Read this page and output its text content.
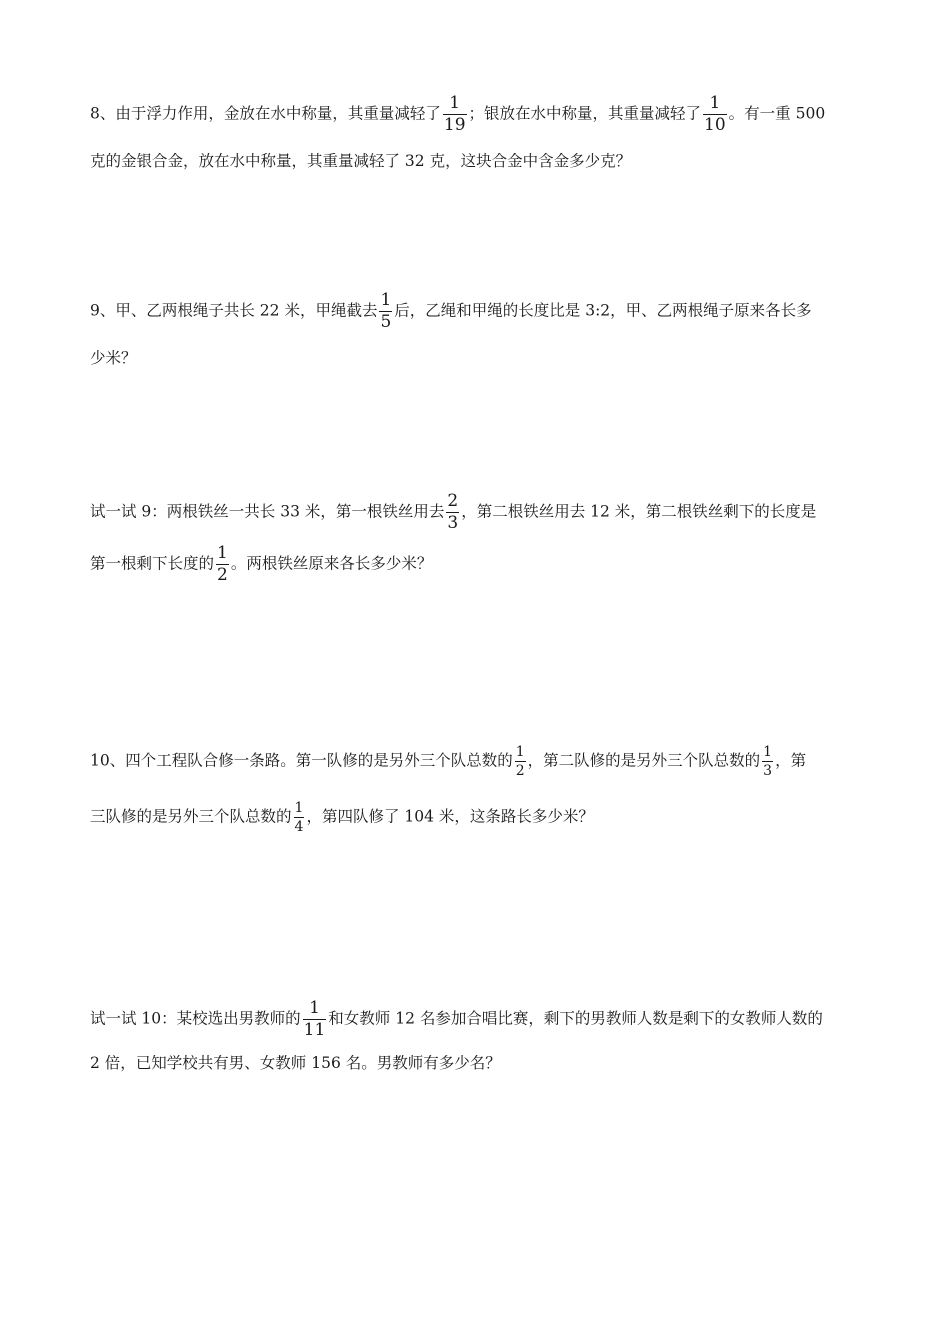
8、由于浮力作用，金放在水中称量，其重量减轻了 $\frac{1}{19}$ ；银放在水中称量，其重量减轻了 $\frac{1}{10}$ 。有一重 500
克的金银合金，放在水中称量，其重量减轻了 32 克，这块合金中含金多少克？
9、甲、乙两根绳子共长 22 米，甲绳截去 $\frac{1}{5}$ 后，乙绳和甲绳的长度比是 3:2，甲、乙两根绳子原来各长多
少米？
试一试 9：两根铁丝一共长 33 米，第一根铁丝用去 $\frac{2}{3}$ ，第二根铁丝用去 12 米，第二根铁丝剩下的长度是
第一根剩下长度的 $\frac{1}{2}$ 。两根铁丝原来各长多少米？
10、四个工程队合修一条路。第一队修的是另外三个队总数的 $\frac{1}{2}$ ，第二队修的是另外三个队总数的 $\frac{1}{3}$ ，第
三队修的是另外三个队总数的 $\frac{1}{4}$ ，第四队修了 104 米，这条路长多少米？
试一试 10：某校选出男教师的 $\frac{1}{11}$ 和女教师 12 名参加合唱比赛，剩下的男教师人数是剩下的女教师人数的
2 倍，已知学校共有男、女教师 156 名。男教师有多少名？
